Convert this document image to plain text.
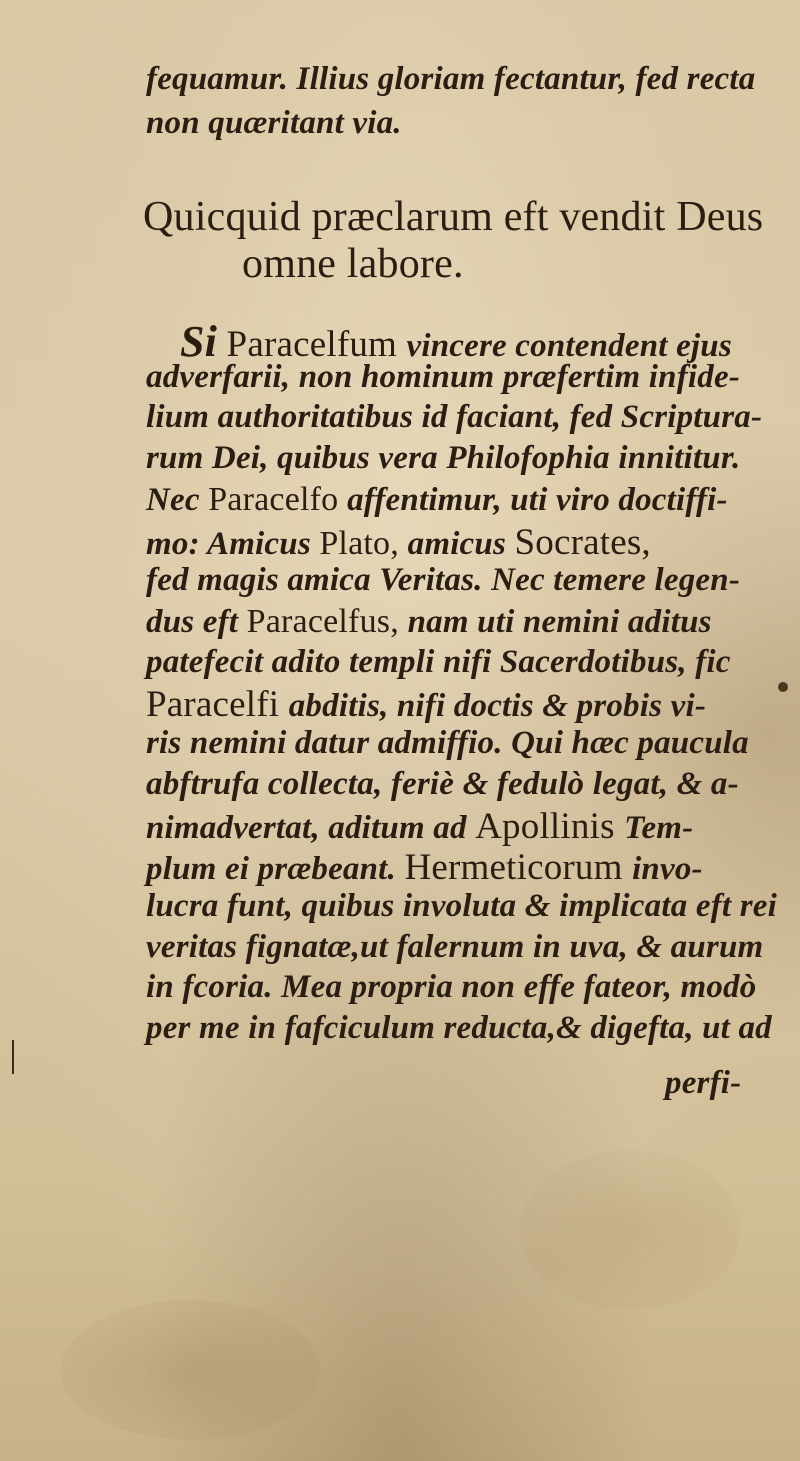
fequamur. Illius gloriam fectantur, fed recta
non quæritant via.
Quicquid præclarum eft vendit Deus
omne labore.
Si Paracelfum vincere contendent ejus
adverfarii, non hominum præfertim infide-
lium authoritatibus id faciant, fed Scriptura-
rum Dei, quibus vera Philofophia innititur.
Nec Paracelfo affentimur, uti viro doctiffi-
mo: Amicus Plato, amicus Socrates,
fed magis amica Veritas. Nec temere legen-
dus eft Paracelfus, nam uti nemini aditus
patefecit adito templi nifi Sacerdotibus, fic
Paracelfi abditis, nifi doctis & probis vi-
ris nemini datur admiffio. Qui hæc paucula
abftrufa collecta, feriè & fedulò legat, & a-
nimadvertat, aditum ad Apollinis Tem-
plum ei præbeant. Hermeticorum invo-
lucra funt, quibus involuta & implicata eft rei
veritas fignatæ,ut falernum in uva, & aurum
in fcoria. Mea propria non effe fateor, modò
per me in fafciculum reducta,& digefta, ut ad
perfi-
